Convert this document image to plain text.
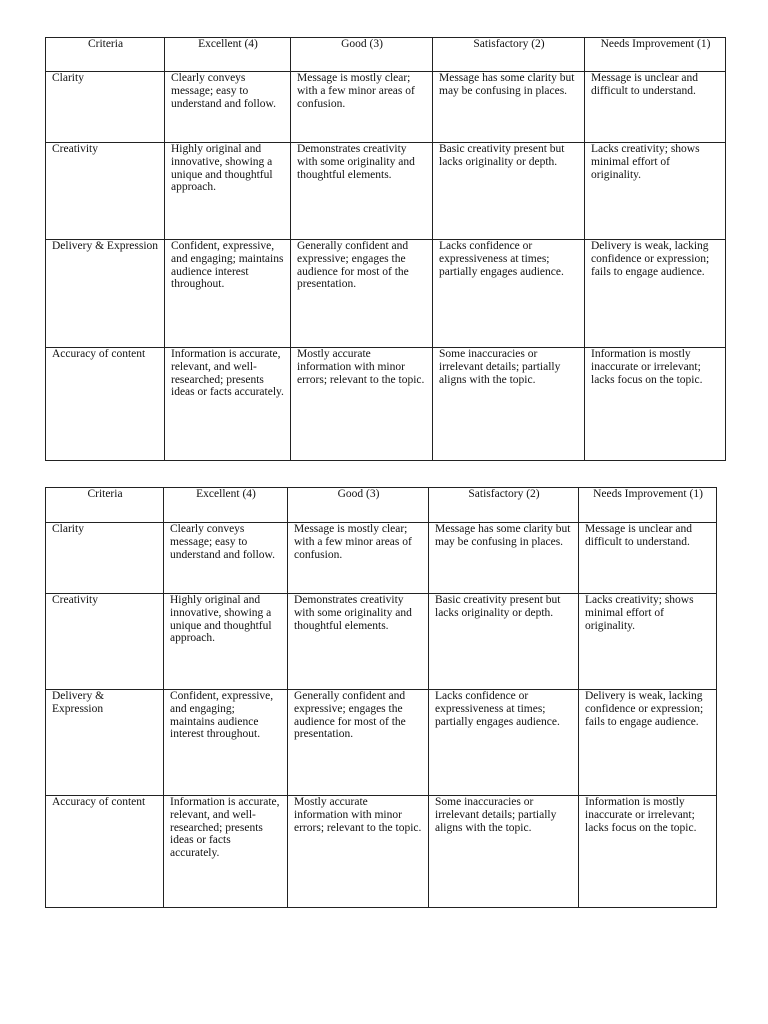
Criteria	Excellent (4)	Good (3)	Satisfactory (2)	Needs Improvement (1)
Clarity	Clearly conveys message; easy to understand and follow.	Message is mostly clear; with a few minor areas of confusion.	Message has some clarity but may be confusing in places.	Message is unclear and difficult to understand.
Creativity	Highly original and innovative, showing a unique and thoughtful approach.	Demonstrates creativity with some originality and thoughtful elements.	Basic creativity present but lacks originality or depth.	Lacks creativity; shows minimal effort of originality.
Delivery & Expression	Confident, expressive, and engaging; maintains audience interest throughout.	Generally confident and expressive; engages the audience for most of the presentation.	Lacks confidence or expressiveness at times; partially engages audience.	Delivery is weak, lacking confidence or expression; fails to engage audience.
Accuracy of content	Information is accurate, relevant, and well-researched; presents ideas or facts accurately.	Mostly accurate information with minor errors; relevant to the topic.	Some inaccuracies or irrelevant details; partially aligns with the topic.	Information is mostly inaccurate or irrelevant; lacks focus on the topic.
Criteria	Excellent (4)	Good (3)	Satisfactory (2)	Needs Improvement (1)
Clarity	Clearly conveys message; easy to understand and follow.	Message is mostly clear; with a few minor areas of confusion.	Message has some clarity but may be confusing in places.	Message is unclear and difficult to understand.
Creativity	Highly original and innovative, showing a unique and thoughtful approach.	Demonstrates creativity with some originality and thoughtful elements.	Basic creativity present but lacks originality or depth.	Lacks creativity; shows minimal effort of originality.
Delivery & Expression	Confident, expressive, and engaging; maintains audience interest throughout.	Generally confident and expressive; engages the audience for most of the presentation.	Lacks confidence or expressiveness at times; partially engages audience.	Delivery is weak, lacking confidence or expression; fails to engage audience.
Accuracy of content	Information is accurate, relevant, and well-researched; presents ideas or facts accurately.	Mostly accurate information with minor errors; relevant to the topic.	Some inaccuracies or irrelevant details; partially aligns with the topic.	Information is mostly inaccurate or irrelevant; lacks focus on the topic.
